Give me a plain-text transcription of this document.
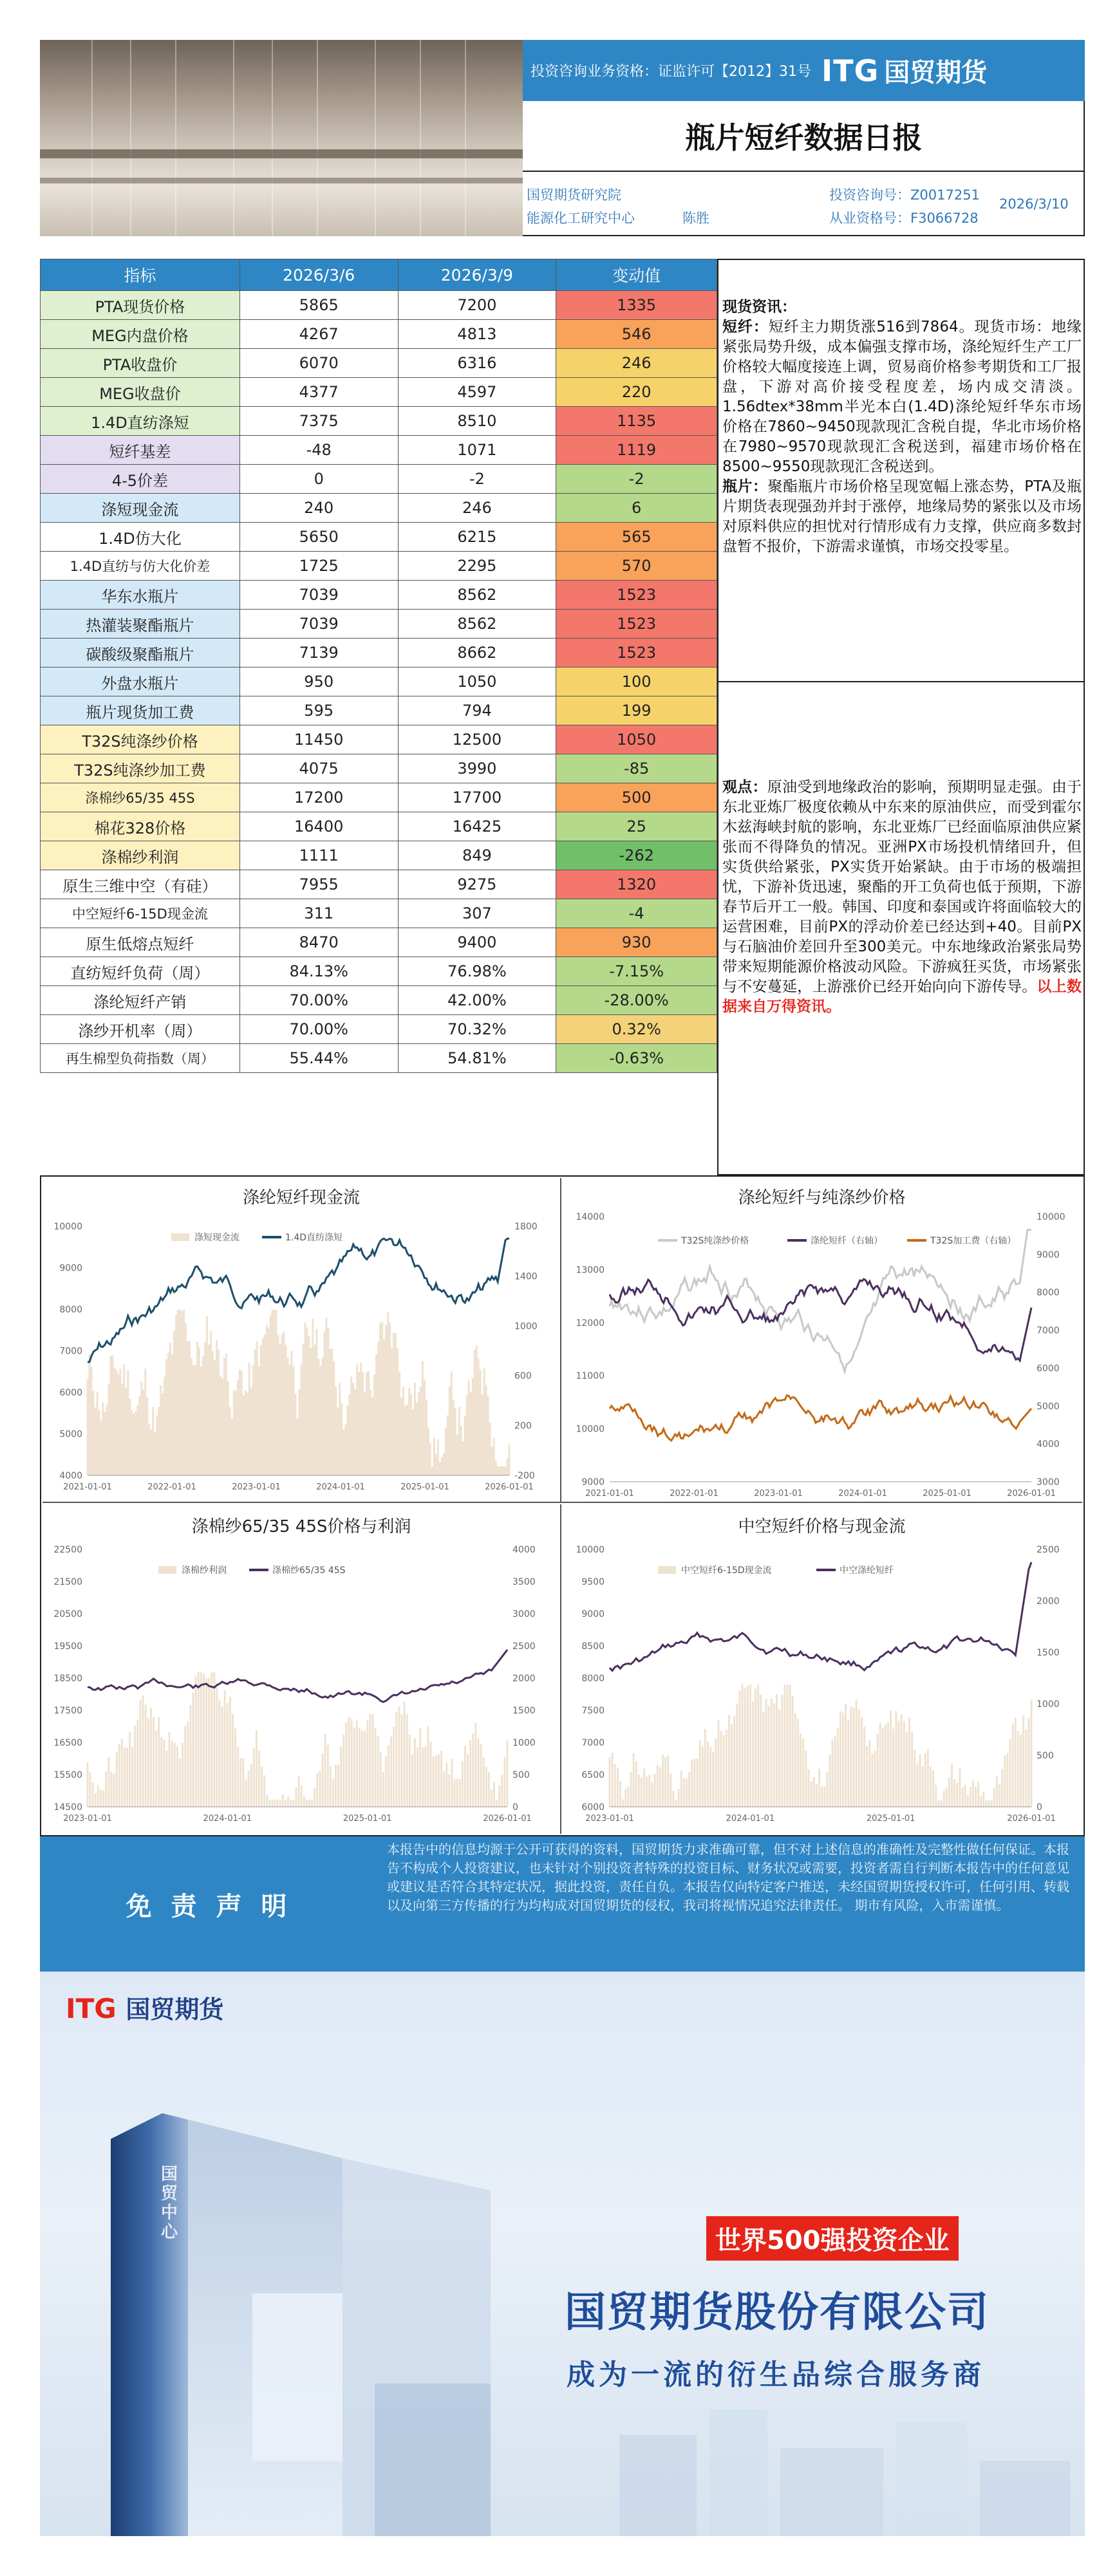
投资咨询业务资格：证监许可【2012】31号 ITG 国贸期货
瓶片短纤数据日报
国贸期货研究院
能源化工研究中心	陈胜
投资咨询号：Z0017251
从业资格号：F3066728
2026/3/10
指标	2026/3/6	2026/3/9	变动值
PTA现货价格	5865	7200	1335
MEG内盘价格	4267	4813	546
PTA收盘价	6070	6316	246
MEG收盘价	4377	4597	220
1.4D直纺涤短	7375	8510	1135
短纤基差	-48	1071	1119
4-5价差	0	-2	-2
涤短现金流	240	246	6
1.4D仿大化	5650	6215	565
1.4D直纺与仿大化价差	1725	2295	570
华东水瓶片	7039	8562	1523
热灌装聚酯瓶片	7039	8562	1523
碳酸级聚酯瓶片	7139	8662	1523
外盘水瓶片	950	1050	100
瓶片现货加工费	595	794	199
T32S纯涤纱价格	11450	12500	1050
T32S纯涤纱加工费	4075	3990	-85
涤棉纱65/35 45S	17200	17700	500
棉花328价格	16400	16425	25
涤棉纱利润	1111	849	-262
原生三维中空（有硅）	7955	9275	1320
中空短纤6-15D现金流	311	307	-4
原生低熔点短纤	8470	9400	930
直纺短纤负荷（周）	84.13%	76.98%	-7.15%
涤纶短纤产销	70.00%	42.00%	-28.00%
涤纱开机率（周）	70.00%	70.32%	0.32%
再生棉型负荷指数（周）	55.44%	54.81%	-0.63%
现货资讯：
短纤：短纤主力期货涨516到7864。现货市场：地缘紧张局势升级，成本偏强支撑市场，涤纶短纤生产工厂价格较大幅度接连上调，贸易商价格参考期货和工厂报盘，下游对高价接受程度差，场内成交清淡。1.56dtex*38mm半光本白(1.4D)涤纶短纤华东市场价格在7860~9450现款现汇含税自提，华北市场价格在7980~9570现款现汇含税送到，福建市场价格在8500~9550现款现汇含税送到。
瓶片：聚酯瓶片市场价格呈现宽幅上涨态势，PTA及瓶片期货表现强劲并封于涨停，地缘局势的紧张以及市场对原料供应的担忧对行情形成有力支撑，供应商多数封盘暂不报价，下游需求谨慎，市场交投零星。
观点：原油受到地缘政治的影响，预期明显走强。由于东北亚炼厂极度依赖从中东来的原油供应，而受到霍尔木兹海峡封航的影响，东北亚炼厂已经面临原油供应紧张而不得降负的情况。亚洲PX市场投机情绪回升，但实货供给紧张，PX实货开始紧缺。由于市场的极端担忧，下游补货迅速，聚酯的开工负荷也低于预期，下游春节后开工一般。韩国、印度和泰国或许将面临较大的运营困难，目前PX的浮动价差已经达到+40。目前PX与石脑油价差回升至300美元。中东地缘政治紧张局势带来短期能源价格波动风险。下游疯狂买货，市场紧张与不安蔓延，上游涨价已经开始向向下游传导。以上数据来自万得资讯。
涤纶短纤现金流
10000
9000
8000
7000
6000
5000
4000
1800
1400
1000
600
200
-200
2021-01-01	2022-01-01	2023-01-01	2024-01-01	2025-01-01	2026-01-01
涤短现金流	1.4D直纺涤短
涤纶短纤与纯涤纱价格
14000
13000
12000
11000
10000
9000
10000
9000
8000
7000
6000
5000
4000
3000
2021-01-01	2022-01-01	2023-01-01	2024-01-01	2025-01-01	2026-01-01
T32S纯涤纱价格	涤纶短纤（右轴）	T32S加工费（右轴）
涤棉纱65/35 45S价格与利润
22500
21500
20500
19500
18500
17500
16500
15500
14500
4000
3500
3000
2500
2000
1500
1000
500
0
2023-01-01	2024-01-01	2025-01-01	2026-01-01
涤棉纱利润	涤棉纱65/35 45S
中空短纤价格与现金流
10000
9500
9000
8500
8000
7500
7000
6500
6000
2500
2000
1500
1000
500
0
2023-01-01	2024-01-01	2025-01-01	2026-01-01
中空短纤6-15D现金流	中空涤纶短纤
免 责 声 明
本报告中的信息均源于公开可获得的资料，国贸期货力求准确可靠，但不对上述信息的准确性及完整性做任何保证。本报告不构成个人投资建议，也未针对个别投资者特殊的投资目标、财务状况或需要，投资者需自行判断本报告中的任何意见或建议是否符合其特定状况，据此投资，责任自负。本报告仅向特定客户推送，未经国贸期货授权许可，任何引用、转载以及向第三方传播的行为均构成对国贸期货的侵权，我司将视情况追究法律责任。 期市有风险，入市需谨慎。
ITG 国贸期货
国
贸
中
心	世界500强投资企业
国贸期货股份有限公司
成为一流的衍生品综合服务商
